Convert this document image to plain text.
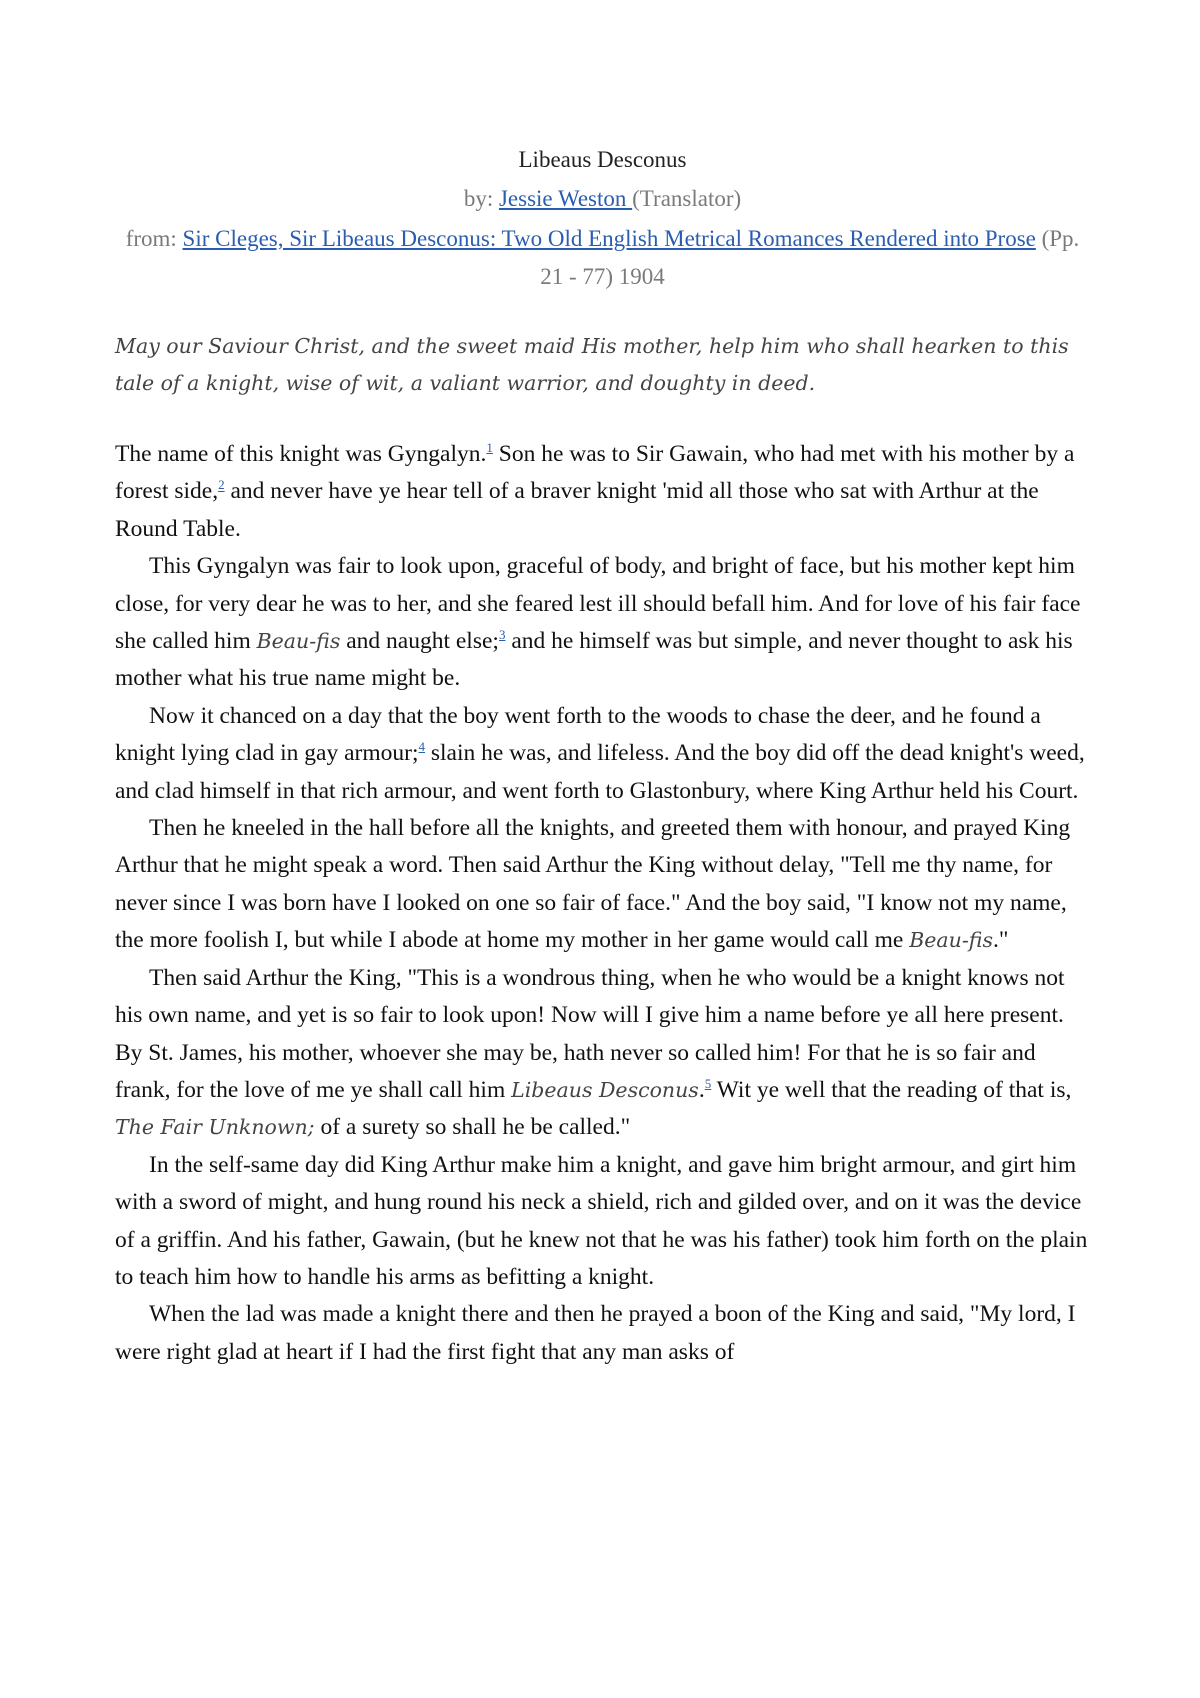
Libeaus Desconus

by: Jessie Weston (Translator)

from: Sir Cleges, Sir Libeaus Desconus: Two Old English Metrical Romances Rendered into Prose (Pp. 21 - 77) 1904

May our Saviour Christ, and the sweet maid His mother, help him who shall hearken to this tale of a knight, wise of wit, a valiant warrior, and doughty in deed.

The name of this knight was Gyngalyn.$^1$ Son he was to Sir Gawain, who had met with his mother by a forest side,$^2$ and never have ye hear tell of a braver knight 'mid all those who sat with Arthur at the Round Table.

This Gyngalyn was fair to look upon, graceful of body, and bright of face, but his mother kept him close, for very dear he was to her, and she feared lest ill should befall him. And for love of his fair face she called him Beau-fis and naught else;$^3$ and he himself was but simple, and never thought to ask his mother what his true name might be.

Now it chanced on a day that the boy went forth to the woods to chase the deer, and he found a knight lying clad in gay armour;$^4$ slain he was, and lifeless. And the boy did off the dead knight's weed, and clad himself in that rich armour, and went forth to Glastonbury, where King Arthur held his Court.

Then he kneeled in the hall before all the knights, and greeted them with honour, and prayed King Arthur that he might speak a word. Then said Arthur the King without delay, "Tell me thy name, for never since I was born have I looked on one so fair of face." And the boy said, "I know not my name, the more foolish I, but while I abode at home my mother in her game would call me Beau-fis."

Then said Arthur the King, "This is a wondrous thing, when he who would be a knight knows not his own name, and yet is so fair to look upon! Now will I give him a name before ye all here present. By St. James, his mother, whoever she may be, hath never so called him! For that he is so fair and frank, for the love of me ye shall call him Libeaus Desconus.$^5$ Wit ye well that the reading of that is, The Fair Unknown; of a surety so shall he be called."

In the self-same day did King Arthur make him a knight, and gave him bright armour, and girt him with a sword of might, and hung round his neck a shield, rich and gilded over, and on it was the device of a griffin. And his father, Gawain, (but he knew not that he was his father) took him forth on the plain to teach him how to handle his arms as befitting a knight.

When the lad was made a knight there and then he prayed a boon of the King and said, "My lord, I were right glad at heart if I had the first fight that any man asks of
